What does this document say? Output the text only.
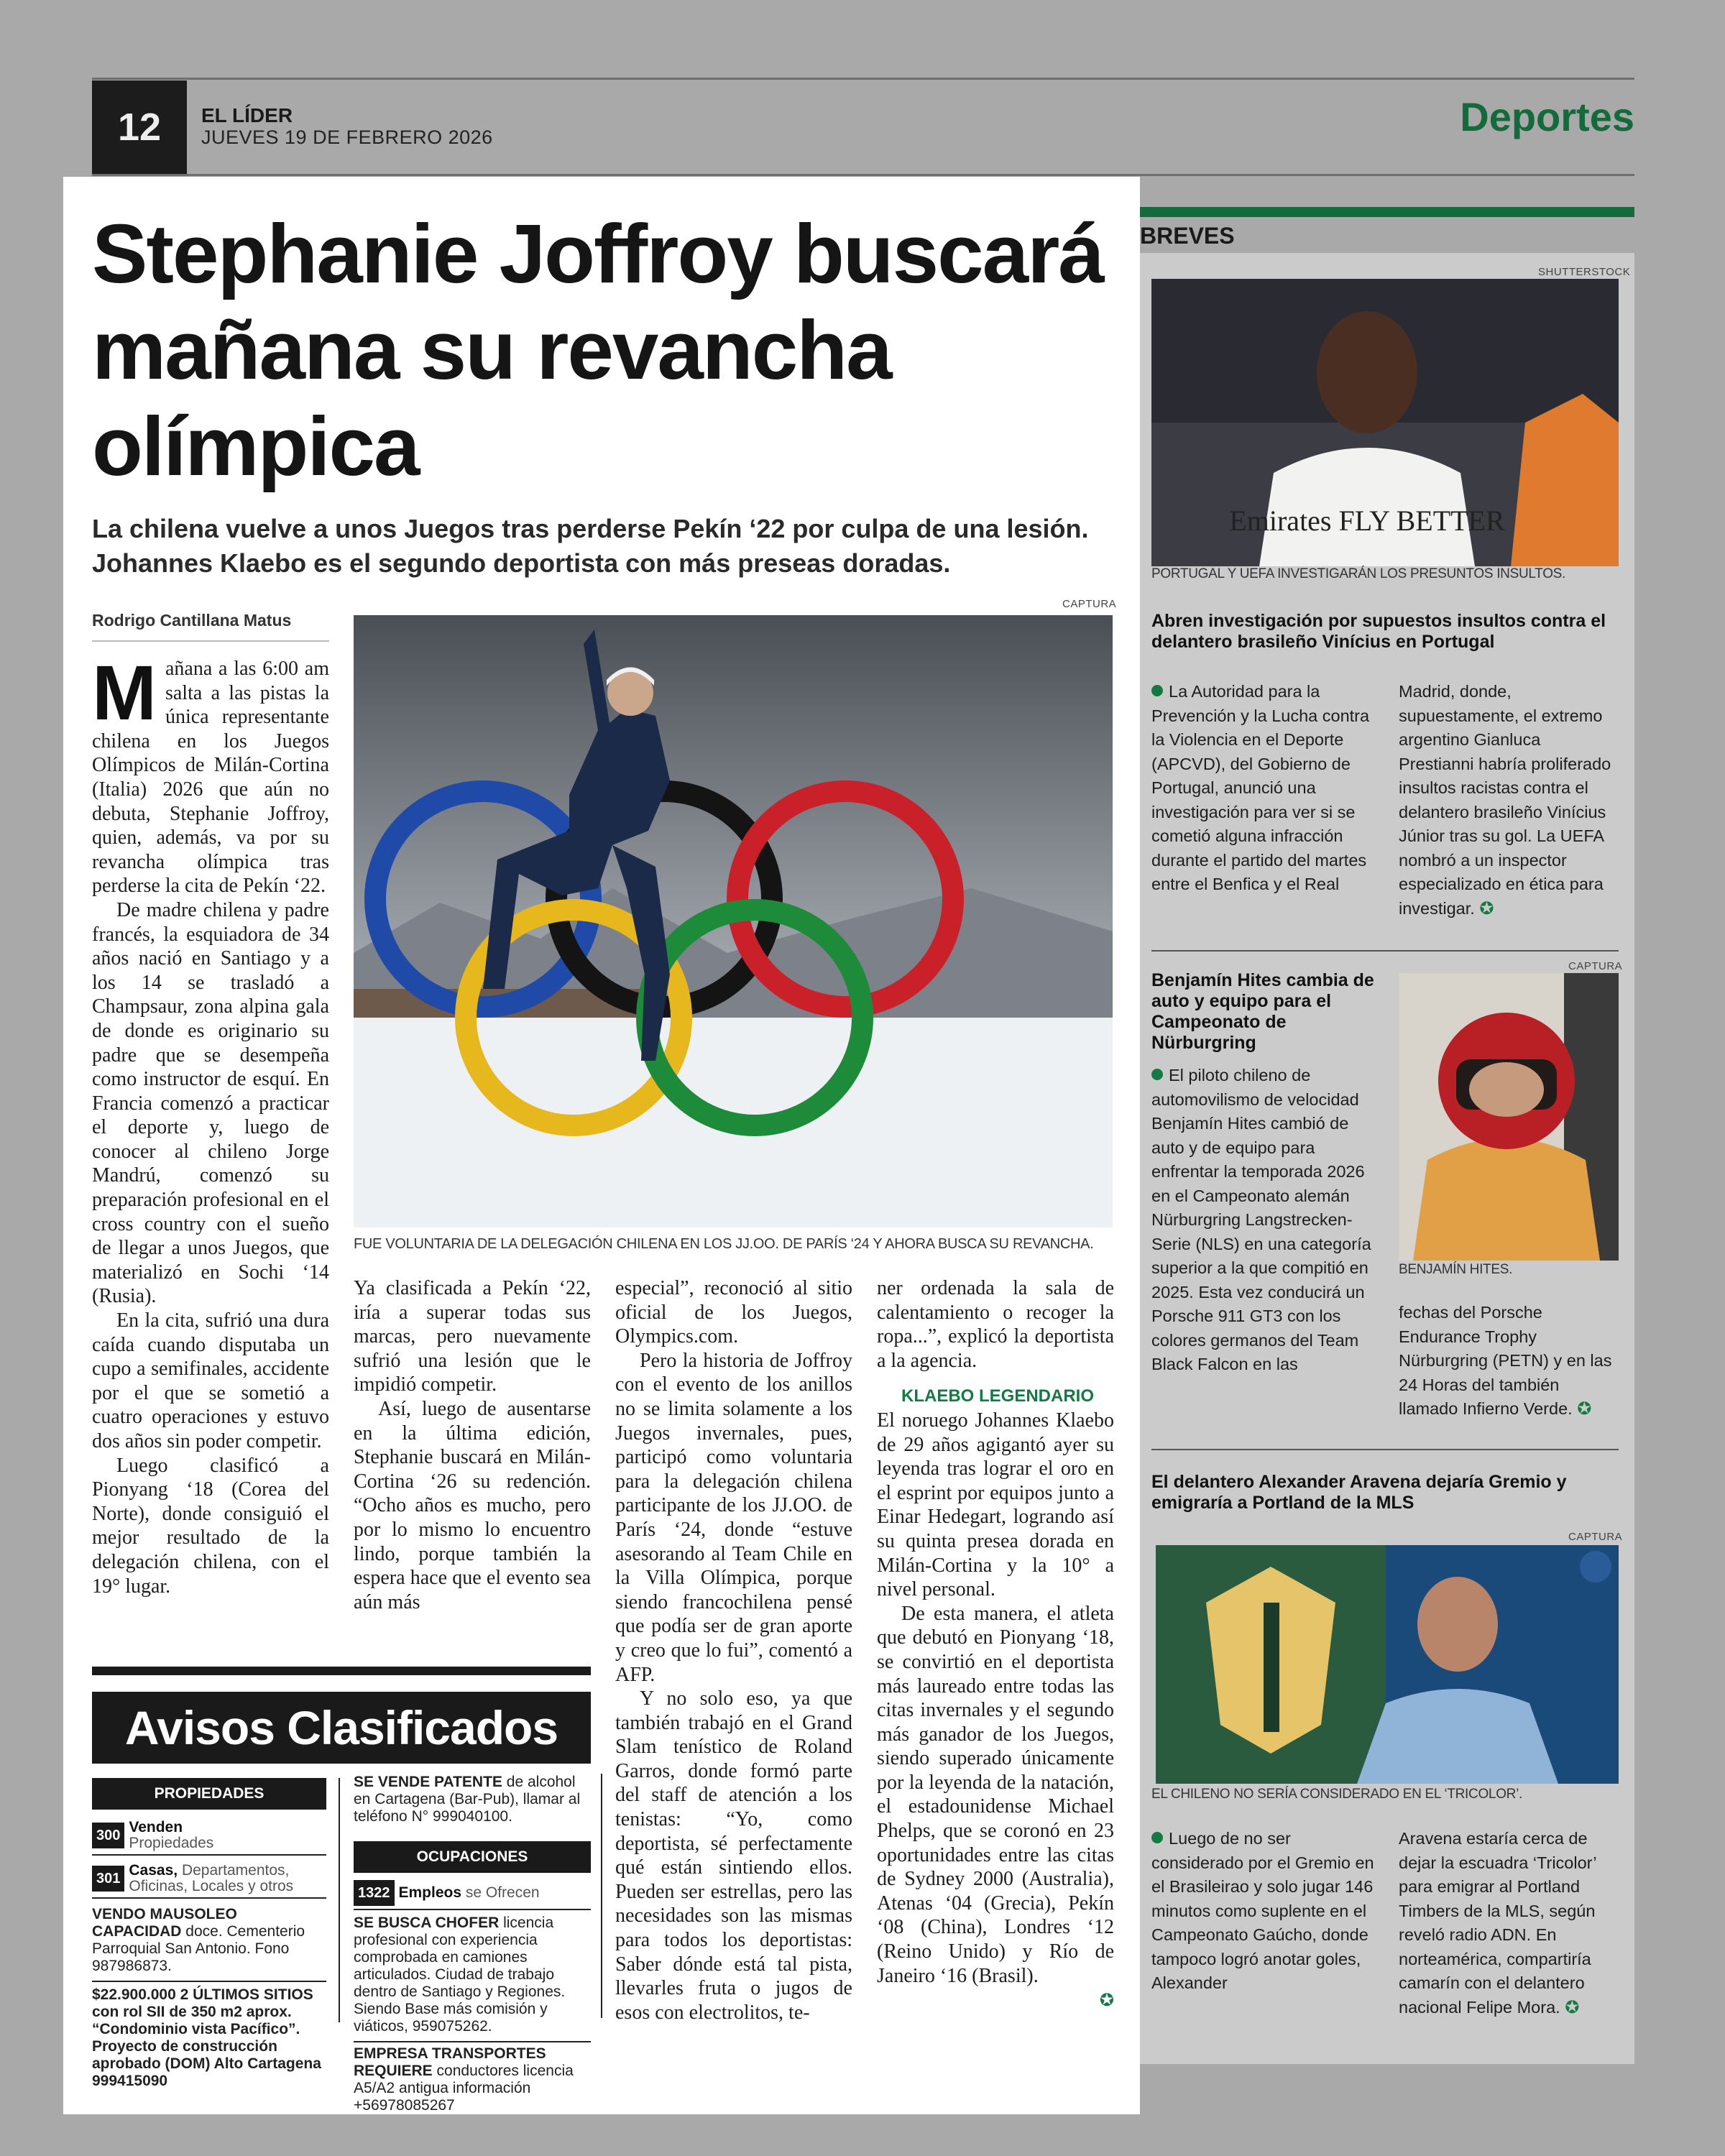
12	EL LÍDER
JUEVES 19 DE FEBRERO 2026	Deportes
Stephanie Joffroy buscará mañana su revancha olímpica
La chilena vuelve a unos Juegos tras perderse Pekín ‘22 por culpa de una lesión. Johannes Klaebo es el segundo deportista con más preseas doradas.
Rodrigo Cantillana Matus
CAPTURA
FUE VOLUNTARIA DE LA DELEGACIÓN CHILENA EN LOS JJ.OO. DE PARÍS ‘24 Y AHORA BUSCA SU REVANCHA.

Mañana a las 6:00 am salta a las pistas la única representante chilena en los Juegos Olímpicos de Milán-Cortina (Italia) 2026 que aún no debuta, Stephanie Joffroy, quien, además, va por su revancha olímpica tras perderse la cita de Pekín ‘22.

De madre chilena y padre francés, la esquiadora de 34 años nació en Santiago y a los 14 se trasladó a Champsaur, zona alpina gala de donde es originario su padre que se desempeña como instructor de esquí. En Francia comenzó a practicar el deporte y, luego de conocer al chileno Jorge Mandrú, comenzó su preparación profesional en el cross country con el sueño de llegar a unos Juegos, que materializó en Sochi ‘14 (Rusia).

En la cita, sufrió una dura caída cuando disputaba un cupo a semifinales, accidente por el que se sometió a cuatro operaciones y estuvo dos años sin poder competir.

Luego clasificó a Pionyang ‘18 (Corea del Norte), donde consiguió el mejor resultado de la delegación chilena, con el 19° lugar.

Ya clasificada a Pekín ‘22, iría a superar todas sus marcas, pero nuevamente sufrió una lesión que le impidió competir.

Así, luego de ausentarse en la última edición, Stephanie buscará en Milán-Cortina ‘26 su redención. “Ocho años es mucho, pero por lo mismo lo encuentro lindo, porque también la espera hace que el evento sea aún más

especial”, reconoció al sitio oficial de los Juegos, Olympics.com.

Pero la historia de Joffroy con el evento de los anillos no se limita solamente a los Juegos invernales, pues, participó como voluntaria para la delegación chilena participante de los JJ.OO. de París ‘24, donde “estuve asesorando al Team Chile en la Villa Olímpica, porque siendo francochilena pensé que podía ser de gran aporte y creo que lo fui”, comentó a AFP.

Y no solo eso, ya que también trabajó en el Grand Slam tenístico de Roland Garros, donde formó parte del staff de atención a los tenistas: “Yo, como deportista, sé perfectamente qué están sintiendo ellos. Pueden ser estrellas, pero las necesidades son las mismas para todos los deportistas: Saber dónde está tal pista, llevarles fruta o jugos de esos con electrolitos, te-

ner ordenada la sala de calentamiento o recoger la ropa...”, explicó la deportista a la agencia.

KLAEBO LEGENDARIO

El noruego Johannes Klaebo de 29 años agigantó ayer su leyenda tras lograr el oro en el esprint por equipos junto a Einar Hedegart, logrando así su quinta presea dorada en Milán-Cortina y la 10° a nivel personal.

De esta manera, el atleta que debutó en Pionyang ‘18, se convirtió en el deportista más laureado entre todas las citas invernales y el segundo más ganador de los Juegos, siendo superado únicamente por la leyenda de la natación, el estadounidense Michael Phelps, que se coronó en 23 oportunidades entre las citas de Sydney 2000 (Australia), Atenas ‘04 (Grecia), Pekín ‘08 (China), Londres ‘12 (Reino Unido) y Río de Janeiro ‘16 (Brasil).

✪

Avisos Clasificados
PROPIEDADES
300 Venden
Propiedades
301 Casas, Departamentos, Oficinas, Locales y otros
VENDO MAUSOLEO CAPACIDAD doce. Cementerio Parroquial San Antonio. Fono 987986873.
$22.900.000 2 ÚLTIMOS SITIOS con rol SII de 350 m2 aprox. “Condominio vista Pacífico”. Proyecto de construcción aprobado (DOM) Alto Cartagena 999415090
SE VENDE PATENTE de alcohol en Cartagena (Bar-Pub), llamar al teléfono N° 999040100.
OCUPACIONES
1322 Empleos se Ofrecen
SE BUSCA CHOFER licencia profesional con experiencia comprobada en camiones articulados. Ciudad de trabajo dentro de Santiago y Regiones. Siendo Base más comisión y viáticos, 959075262.
EMPRESA TRANSPORTES REQUIERE conductores licencia A5/A2 antigua información +56978085267
BREVES
SHUTTERSTOCK
Emirates FLY BETTER
PORTUGAL Y UEFA INVESTIGARÁN LOS PRESUNTOS INSULTOS.
Abren investigación por supuestos insultos contra el delantero brasileño Vinícius en Portugal
La Autoridad para la Prevención y la Lucha contra la Violencia en el Deporte (APCVD), del Gobierno de Portugal, anunció una investigación para ver si se cometió alguna infracción durante el partido del martes entre el Benfica y el Real
Madrid, donde, supuestamente, el extremo argentino Gianluca Prestianni habría proliferado insultos racistas contra el delantero brasileño Vinícius Júnior tras su gol. La UEFA nombró a un inspector especializado en ética para investigar. ✪
Benjamín Hites cambia de auto y equipo para el Campeonato de Nürburgring
CAPTURA
BENJAMÍN HITES.
El piloto chileno de automovilismo de velocidad Benjamín Hites cambió de auto y de equipo para enfrentar la temporada 2026 en el Campeonato alemán Nürburgring Langstrecken-Serie (NLS) en una categoría superior a la que compitió en 2025. Esta vez conducirá un Porsche 911 GT3 con los colores germanos del Team Black Falcon en las
fechas del Porsche Endurance Trophy Nürburgring (PETN) y en las 24 Horas del también llamado Infierno Verde. ✪
El delantero Alexander Aravena dejaría Gremio y emigraría a Portland de la MLS
CAPTURA
EL CHILENO NO SERÍA CONSIDERADO EN EL ‘TRICOLOR’.
Luego de no ser considerado por el Gremio en el Brasileirao y solo jugar 146 minutos como suplente en el Campeonato Gaúcho, donde tampoco logró anotar goles, Alexander
Aravena estaría cerca de dejar la escuadra ‘Tricolor’ para emigrar al Portland Timbers de la MLS, según reveló radio ADN. En norteamérica, compartiría camarín con el delantero nacional Felipe Mora. ✪
